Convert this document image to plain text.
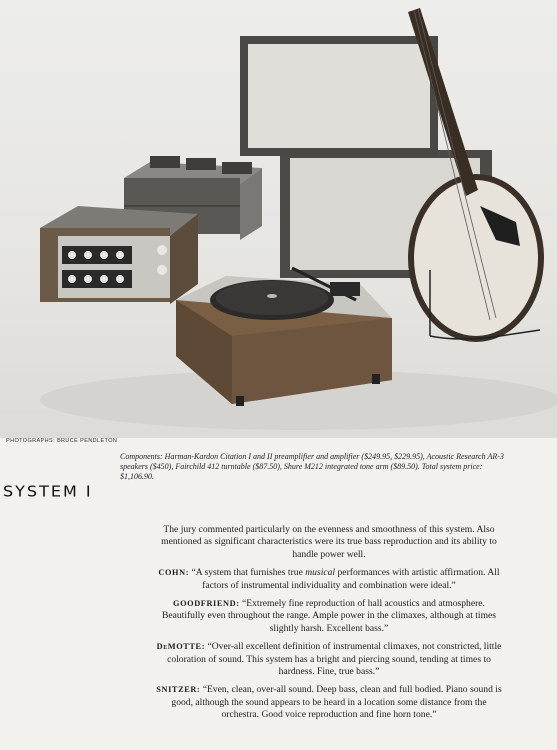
PHOTOGRAPHS: BRUCE PENDLETON
Components: Harman-Kardon Citation I and II preamplifier and amplifier ($249.95, $229.95), Acoustic Research AR-3 speakers ($450), Fairchild 412 turntable ($87.50), Shure M212 integrated tone arm ($89.50). Total system price: $1,106.90.
SYSTEM I

The jury commented particularly on the evenness and smoothness of this system. Also mentioned as significant characteristics were its true bass reproduction and its ability to handle power well.

COHN: “A system that furnishes true musical performances with artistic affirmation. All factors of instrumental individuality and combination were ideal.”

GOODFRIEND: “Extremely fine reproduction of hall acoustics and atmosphere. Beautifully even throughout the range. Ample power in the climaxes, although at times slightly harsh. Excellent bass.”

DeMOTTE: “Over-all excellent definition of instrumental climaxes, not constricted, little coloration of sound. This system has a bright and piercing sound, tending at times to hardness. Fine, true bass.”

SNITZER: “Even, clean, over-all sound. Deep bass, clean and full bodied. Piano sound is good, although the sound appears to be heard in a location some distance from the orchestra. Good voice reproduction and fine horn tone.”
